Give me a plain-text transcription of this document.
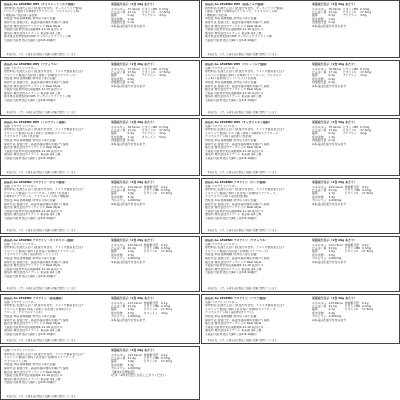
商品名 be LEGEND WPI（チョコレートミルク風味）
原材料名 乳清たんぱく(乳成分を含む、オーストラリア製造)
/ ココア / 香料 / 甘味料(スクラロース、アセスルファムK)
/ 増粘剤 / 乳化剤 / 着色料
内容量 1kg 賞味期限 枠外右下部に記載
保存方法 直射日光、高温多湿の場所を避けて保存
販売者 株式会社ボディウイング Real Style
大阪府大阪市中央区南船場2-11-16 高田ビル
製造所 株式会社ルイナーン 東京都 第1工場
栃木県足利市松田町495 オーガニックファクトリ株
大阪府大阪市北区天満2丁目6-8-10番号
栄養成分表示（1食 20g あたり）
エネルギー	77.4kcal	ビタミンB6	0.3mg
たんぱく質	17.1g	ビタミンC	17.5mg
脂質	0.4g	ナイアシン	3mg
炭水化物	1.2g		
食塩相当量	0.1g		
※本品は乳成分を含みます
・本品は乳、大豆、小麦を含む製品と共通の設備で製造しています。
商品名 be LEGEND WPI（抹茶ミルク風味）
原材料名 乳清たんぱく(乳成分を含む、オーストラリア製造)
/ 抹茶 / 香料 / 甘味料(スクラロース、アセスルファムK)
/ 増粘剤 / 乳化剤
内容量 1kg 賞味期限 枠外右下部に記載
保存方法 直射日光、高温多湿の場所を避けて保存
販売者 株式会社ボディウイング Real Style
大阪府大阪市中央区南船場2-11-16 高田ビル
製造所 株式会社ルイナーン 東京都 第1工場
栃木県足利市松田町495 オーガニックファクトリ株
大阪府大阪市北区天満2丁目6-8-10番号
栄養成分表示（1食 20g あたり）
エネルギー	76.2kcal	ビタミンB6	0.3mg
たんぱく質	17.3g	ビタミンC	17.5mg
脂質	0.3g	ナイアシン	3mg
炭水化物	1.0g		
食塩相当量	0.1g		
※本品は乳成分を含みます
・本品は乳、大豆、小麦を含む製品と共通の設備で製造しています。
商品名 be LEGEND WPI（ナチュラル）
名称 プロテインパウダー
原材料名 乳清たんぱく(乳成分を含む、アメリカ製造またはア
イルランド製造)/ 乳化剤 / 香料 / 甘味料(スクラロース)
内容量 1kg 賞味期限 枠外右下部に記載
保存方法 直射日光、高温多湿の場所を避けて保存
販売者 株式会社ボディウイング Real Style
大阪府大阪市中央区南船場2-11-16 高田ビル
製造所 株式会社ルイナーン 東京都 第1工場
栃木県足利市松田町495 オーガニックファクトリ株
大阪府大阪市北区天満2丁目6-8-10番号
栄養成分表示（1食 20g あたり）
エネルギー	77.0kcal	ビタミンB6	0.3mg
たんぱく質	17.8g	ビタミンC	17.5mg
脂質	0.2g	ナイアシン	3mg
炭水化物	0.6g		
食塩相当量	0.1g		
※本品は乳成分を含みます
・本品は乳、大豆、小麦を含む製品と共通の設備で製造しています。
商品名 be LEGEND WPI（ベリーミルク風味）
名称 プロテインパウダー
原材料名 乳清たんぱく(乳成分を含む、アメリカ製造またはア
イルランド製造)/ 香料 / 甘味料(スクラロース、アセスルフ
ァムK) / 着色料(ビートレッド) / 乳化剤
内容量 1kg 賞味期限 枠外右下部に記載
保存方法 直射日光、高温多湿の場所を避けて保存
販売者 株式会社ボディウイング Real Style
大阪府大阪市中央区南船場2-11-16 高田ビル
製造所 株式会社ルイナーン 東京都 第1工場
大阪府大阪市北区天満2丁目6-8-10番号
栄養成分表示（1食 20g あたり）
エネルギー	76.8kcal	ビタミンB6	0.3mg
たんぱく質	17.4g	ビタミンC	17.5mg
脂質	0.2g	ナイアシン	3mg
炭水化物	0.9g		
食塩相当量	0.1g		
※本品は乳成分を含みます
・本品は乳、大豆、小麦を含む製品と共通の設備で製造しています。
商品名 be LEGEND WPI（ミルクティー風味）
名称 プロテインパウダー
原材料名 乳清たんぱく(乳成分を含む、アメリカ製造またはア
イルランド製造)/ 紅茶 / 香料 / 甘味料(スクラロース、
アセスルファムK) / 乳化剤
内容量 1kg 賞味期限 枠外右下部に記載
保存方法 直射日光、高温多湿の場所を避けて保存
販売者 株式会社ボディウイング Real Style
大阪府大阪市中央区南船場2-11-16 高田ビル
製造所 株式会社ルイナーン 東京都 第1工場
大阪府大阪市北区天満2丁目6-8-10番号
栄養成分表示（1食 20g あたり）
エネルギー	76.5kcal	ビタミンB6	0.3mg
たんぱく質	17.2g	ビタミンC	17.5mg
脂質	0.3g	ナイアシン	3mg
炭水化物	1.1g	カフェイン	5mg
食塩相当量	0.1g		
※本品は乳成分を含みます
・本品は乳、大豆、小麦を含む製品と共通の設備で製造しています。
商品名 be LEGEND WPI（すっきりレモン風味）
名称 プロテインパウダー
原材料名 乳清たんぱく(乳成分を含む、アメリカ製造またはア
イルランド製造)/ クエン酸 / 香料 / 甘味料(スクラロース、
アセスルファムK) / 着色料 / 乳化剤
内容量 1kg 賞味期限 枠外右下部に記載
保存方法 直射日光、高温多湿の場所を避けて保存
販売者 株式会社ボディウイング Real Style
大阪府大阪市中央区南船場2-11-16 高田ビル
製造所 株式会社ルイナーン 東京都 第1工場
大阪府大阪市北区天満2丁目6-8-10番号
栄養成分表示（1食 20g あたり）
エネルギー	75.9kcal	ビタミンB6	0.3mg
たんぱく質	17.0g	ビタミンC	17.5mg
脂質	0.2g	ナイアシン	3mg
炭水化物	1.3g		
食塩相当量	0.1g		
※本品は乳成分を含みます
・本品は乳、大豆、小麦を含む製品と共通の設備で製造しています。
商品名 be LEGEND プロテイン（チョコ風味）
名称 プロテインパウダー
原材料名 乳清たんぱく(乳成分を含む、アメリカ製造またはア
イルランド製造)/ ココアパウダー / 香料 / 乳化剤 /
甘味料(スクラロース、アセスルファムK) / 増粘剤
内容量 1kg 賞味期限 枠外右下部に記載
保存方法 直射日光、高温多湿の場所を避けて保存
販売者 株式会社ボディウイング Real Style
大阪府大阪市中央区南船場2-11-16 高田ビル
製造所 株式会社ルイナーン 東京都 第1工場
大阪府大阪市北区天満2丁目6-8-10番号
栄養成分表示（1食 29g あたり）
エネルギー	113.9kcal	食塩相当量	0.1g
たんぱく質	21.5g	ビタミンB6	0.3mg
脂質	1.8g	ビタミンC	17.5mg
炭水化物	3.2g		
カルシウム	1,000mg		
※本品は乳成分を含みます
・本品は乳、大豆、小麦を含む製品と共通の設備で製造しています。
商品名 be LEGEND プロテイン（ピーチ風味）
名称 プロテインパウダー
原材料名 乳清たんぱく(乳成分を含む、アメリカ製造またはア
イルランド製造)/ 香料 / 乳化剤 / 甘味料(スクラロース、
アセスルファムK) / 着色料(紅麹)
内容量 1kg 賞味期限 枠外右下部に記載
保存方法 直射日光、高温多湿の場所を避けて保存
販売者 株式会社ボディウイング Real Style
大阪府大阪市中央区南船場2-11-16 高田ビル
製造所 株式会社ルイナーン 東京都 第1工場
大阪府大阪市北区天満2丁目6-8-10番号
栄養成分表示（1食 29g あたり）
エネルギー	114.3kcal	食塩相当量	0.1g
たんぱく質	21.3g	ビタミンB6	0.3mg
脂質	1.7g	ビタミンC	17.5mg
炭水化物	3.4g		
カルシウム	1,000mg		
※本品は乳成分を含みます
・本品は乳、大豆、小麦を含む製品と共通の設備で製造しています。
商品名 be LEGEND プロテイン（ストロベリー風味）
名称 プロテインパウダー
原材料名 乳清たんぱく(乳成分を含む、アメリカ製造またはア
イルランド製造)/ 香料 / 乳化剤 / 甘味料(スクラロース、
アセスルファムK) / 着色料(ビートレッド)
内容量 1kg 賞味期限 枠外右下部に記載
保存方法 直射日光、高温多湿の場所を避けて保存
販売者 株式会社ボディウイング Real Style
大阪府大阪市中央区南船場2-11-16 高田ビル
製造所 株式会社ルイナーン 東京都 第1工場
大阪府大阪市北区天満2丁目6-8-10番号
栄養成分表示（1食 29g あたり）
エネルギー	113.6kcal	食塩相当量	0.1g
たんぱく質	21.4g	ビタミンB6	0.3mg
脂質	1.6g	ビタミンC	17.5mg
炭水化物	3.3g		
カルシウム	1,000mg		
※本品は乳成分を含みます
・本品は乳、大豆、小麦を含む製品と共通の設備で製造しています。
商品名 be LEGEND プロテイン（ナチュラル）
名称 プロテインパウダー
原材料名 乳清たんぱく(乳成分を含む、アメリカ製造またはア
イルランド製造)/ 乳化剤 / 甘味料(スクラロース)
内容量 1kg 賞味期限 枠外右下部に記載
保存方法 直射日光、高温多湿の場所を避けて保存
販売者 株式会社ボディウイング Real Style
大阪府大阪市中央区南船場2-11-16 高田ビル
製造所 株式会社ルイナーン 東京都 第1工場
大阪府大阪市北区天満2丁目6-8-10番号
栄養成分表示（1食 29g あたり）
エネルギー	112.7kcal	食塩相当量	0.1g
たんぱく質	21.6g	ビタミンB6	0.3mg
脂質	1.5g	ビタミンC	17.5mg
炭水化物	3.0g		
カルシウム	1,000mg		
※本品は乳成分を含みます
・本品は乳、大豆、小麦を含む製品と共通の設備で製造しています。
商品名 be LEGEND プロテイン（抹茶風味）
名称 プロテインパウダー
原材料名 乳清たんぱく(乳成分を含む、アメリカ製造またはア
イルランド製造)/ 抹茶 / 香料 / 乳化剤 / 甘味料(スク
ラロース、アセスルファムK)
内容量 1kg 賞味期限 枠外右下部に記載
保存方法 直射日光、高温多湿の場所を避けて保存
販売者 株式会社ボディウイング Real Style
大阪府大阪市中央区南船場2-11-16 高田ビル
製造所 株式会社ルイナーン 東京都 第1工場
大阪府大阪市北区天満2丁目6-8-10番号
栄養成分表示（1食 29g あたり）
エネルギー	113.2kcal	食塩相当量	0.1g
たんぱく質	21.2g	ビタミンB6	0.3mg
脂質	1.6g	ビタミンC	17.5mg
炭水化物	3.5g	カフェイン	4mg
カルシウム	1,000mg		
※本品は乳成分を含みます
・本品は乳、大豆、小麦を含む製品と共通の設備で製造しています。
商品名 be LEGEND プロテイン（バナナ風味）
名称 プロテインパウダー
原材料名 乳清たんぱく(乳成分を含む、アメリカ製造またはア
イルランド製造)/ 香料 / 乳化剤 / 甘味料(スクラロース、
アセスルファムK) / 着色料(カロテン)
内容量 1kg 賞味期限 枠外右下部に記載
保存方法 直射日光、高温多湿の場所を避けて保存
販売者 株式会社ボディウイング Real Style
大阪府大阪市中央区南船場2-11-16 高田ビル
製造所 株式会社ルイナーン 東京都 第1工場
大阪府大阪市北区天満2丁目6-8-10番号
栄養成分表示（1食 29g あたり）
エネルギー	113.8kcal	食塩相当量	0.1g
たんぱく質	21.3g	ビタミンB6	0.3mg
脂質	1.7g	ビタミンC	17.5mg
炭水化物	3.4g		
カルシウム	1,000mg		
※本品は乳成分を含みます
・本品は乳、大豆、小麦を含む製品と共通の設備で製造しています。
名称 プロテインパウダー
原材料名 乳清たんぱく(乳成分を含む、アメリカ製造またはア
イルランド製造)/ 香料 / 乳化剤 / 甘味料(スクラロース、
アセスルファムK)
内容量 1kg 賞味期限 枠外右下部に記載
保存方法 直射日光、高温多湿の場所を避けて保存
販売者 株式会社ボディウイング Real Style
大阪府大阪市中央区南船場2-11-16 高田ビル
製造所 株式会社ルイナーン 東京都 第1工場
大阪府大阪市北区天満2丁目6-8-10番号
栄養成分表示（1食 29g あたり）
エネルギー	113.5kcal	食塩相当量	0.1g
たんぱく質	21.4g	ビタミンB6	0.3mg
脂質	1.6g	ビタミンC	17.5mg
炭水化物	3.3g		
カルシウム	1,000mg		
【推奨1日摂取量】
1日1〜2杯を目安にお召し上がりください。
・本品は乳、大豆、小麦を含む製品と共通の設備で製造しています。
